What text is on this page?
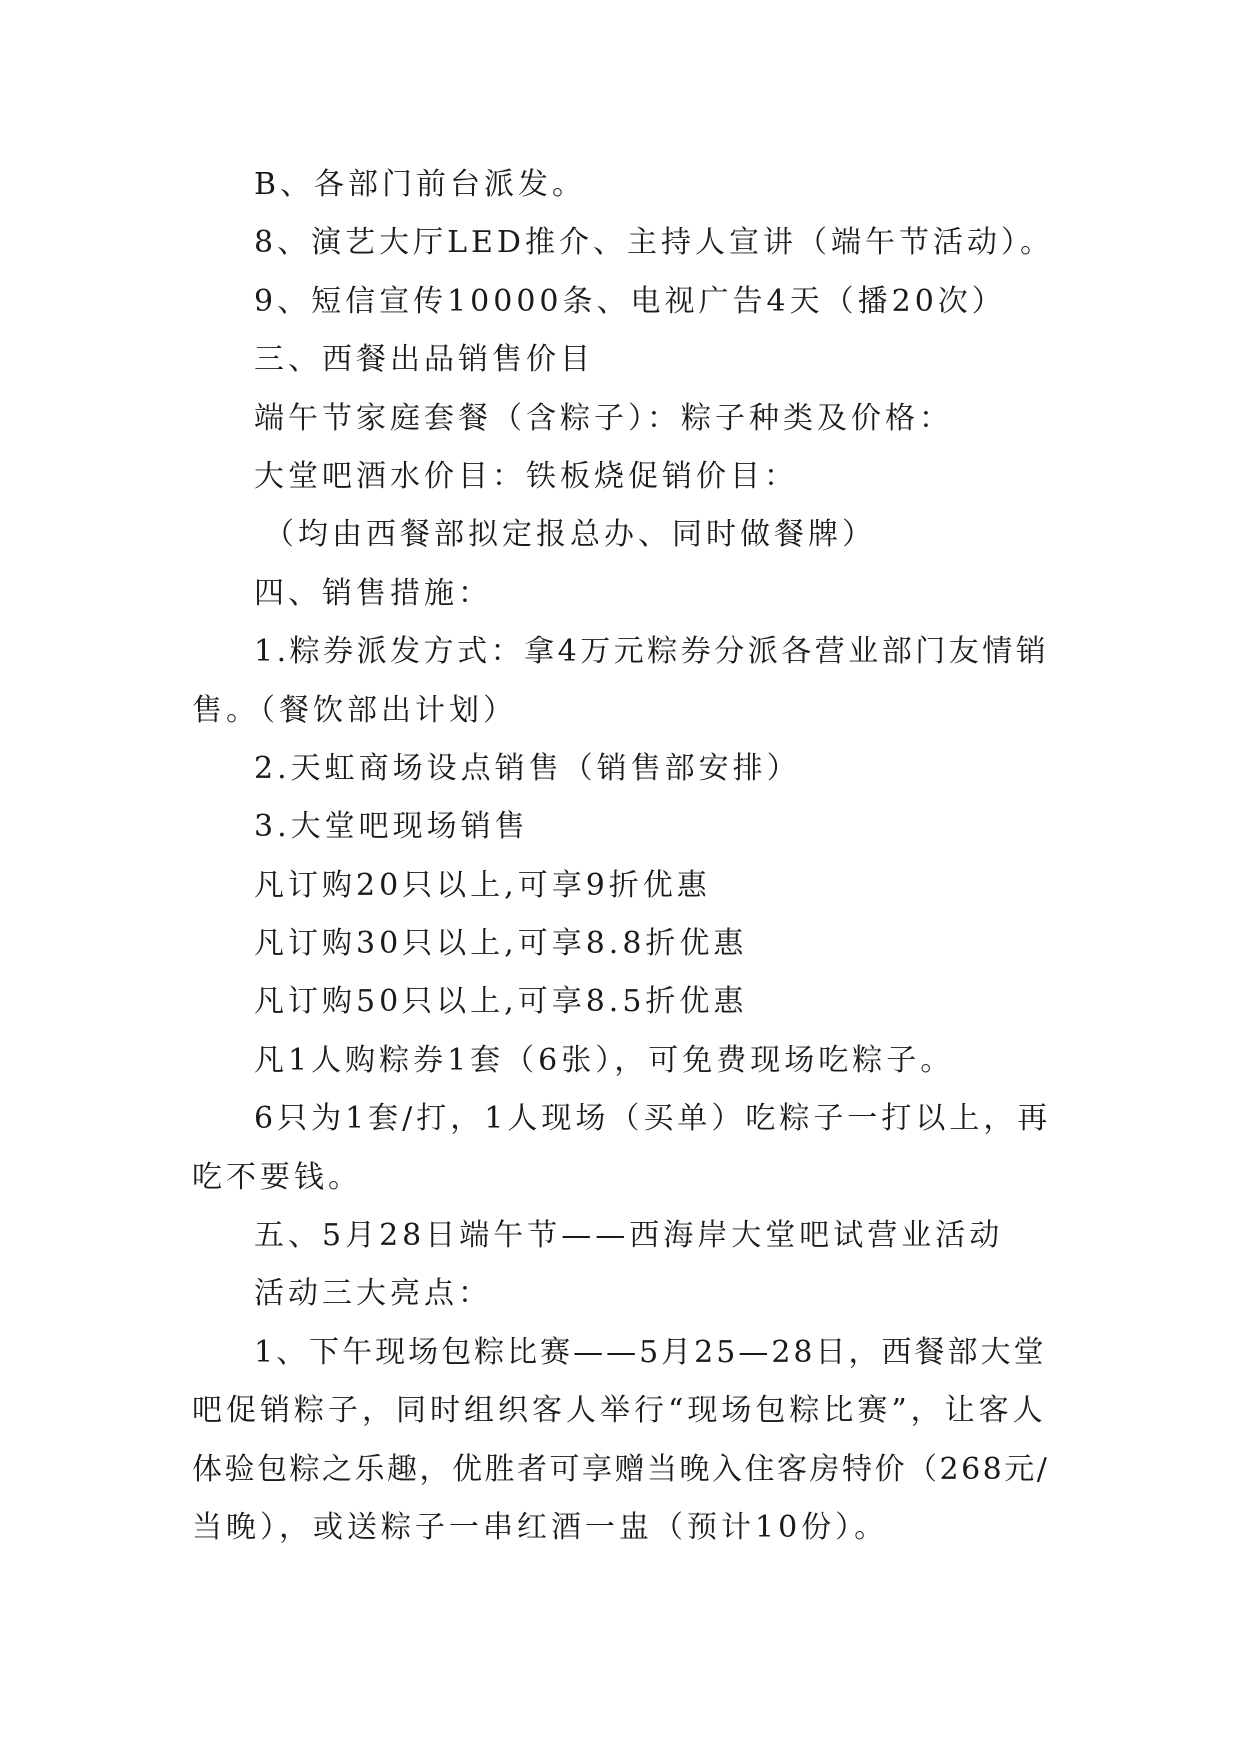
B、各部门前台派发。

8、演艺大厅LED推介、主持人宣讲（端午节活动）。

9、短信宣传10000条、电视广告4天（播20次）

三、西餐出品销售价目

端午节家庭套餐（含粽子）：粽子种类及价格：

大堂吧酒水价目：铁板烧促销价目：

（均由西餐部拟定报总办、同时做餐牌）

四、销售措施：

1.粽券派发方式：拿4万元粽券分派各营业部门友情销

售。（餐饮部出计划）

2.天虹商场设点销售（销售部安排）

3.大堂吧现场销售

凡订购20只以上,可享9折优惠

凡订购30只以上,可享8.8折优惠

凡订购50只以上,可享8.5折优惠

凡1人购粽券1套（6张），可免费现场吃粽子。

6只为1套/打，1人现场（买单）吃粽子一打以上，再

吃不要钱。

五、5月28日端午节——西海岸大堂吧试营业活动

活动三大亮点：

1、下午现场包粽比赛——5月25—28日，西餐部大堂

吧促销粽子，同时组织客人举行“现场包粽比赛”，让客人

体验包粽之乐趣，优胜者可享赠当晚入住客房特价（268元/

当晚），或送粽子一串红酒一盅（预计10份）。
